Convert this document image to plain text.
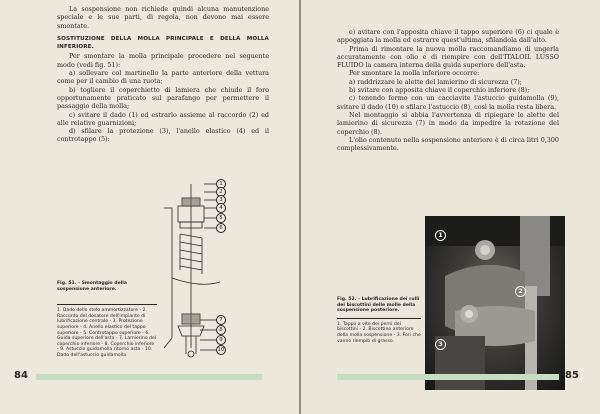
La sospensione non richiede quindi alcuna manutenzione speciale e le sue parti, di regola, non devono mai essere smontate.

SOSTITUZIONE DELLA MOLLA PRINCIPALE E DELLA MOLLA INFERIORE.

Per smontare la molla principale procedere nel seguente modo (vedi fig. 51):

a) sollevare col martinello la parte anteriore della vettura come per il cambio di una ruota;

b) togliere il coperchietto di lamiera che chiude il foro opportunamente praticato sul parafango per permettere il passaggio della molla;

c) svitare il dado (1) ed estrarlo assieme al raccordo (2) ed alle relative guarnizioni;

d) sfilare la protezione (3), l'anello elastico (4) ed il controtappo (5):

1
2
3
4
5
6
7
8
9
10

Fig. 51. - Smontaggio della sospensione anteriore.

1. Dado dello stelo ammortizzatore - 2. Raccordo del dosatore dell'impianto di lubrificazione centrale - 3. Protezione superiore - 4. Anello elastico del tappo superiore - 5. Controtappo superiore - 6. Guida superiore dell'asta - 7. Lamierino del coperchio inferiore - 8. Coperchio inferiore - 9. Astuccio guidamolla ritorno asta - 10. Dado dell'astuccio guidamolla.

84

e) avitare con l'apposita chiave il tappo superiore (6) ci quale è appoggiata la molla ed estrarre quest'ultima, sfilandola dall'alto.

Prima di rimontare la nuova molla raccomandiamo di ungerla accuratamente con olio e di riempire con dell'ITALOIL LUSSO FLUIDO la camera interna della guida superiore dell'asta.

Per smontare la molla inferiore occorre:

a) raddrizzare le alette del lamierino di sicurezza (7);

b) svitare con apposita chiave il coperchio inferiore (8);

c) tenendo fermo con un cacciavite l'astuccio guidamolla (9), svitare il dado (10) e sfilare l'astuccio (8), così la molla resta libera.

Nel montaggio si abbia l'avvertenza di ripiegare le alette del lamierino di sicurezza (7) in modo da impedire la rotazione del coperchio (8).

L'olio contenuto nella sospensione anteriore è di circa litri 0,300 complessivamente.

1
2
3

Fig. 52. - Lubrificazione dei rulli dei biscottini delle molle della sospensione posteriore.

1. Tappo a vite dei perni dei biscottini - 2. Biscottino anteriore della molla sospensione - 3. Fori che vanno riempiti di grasso.

85
